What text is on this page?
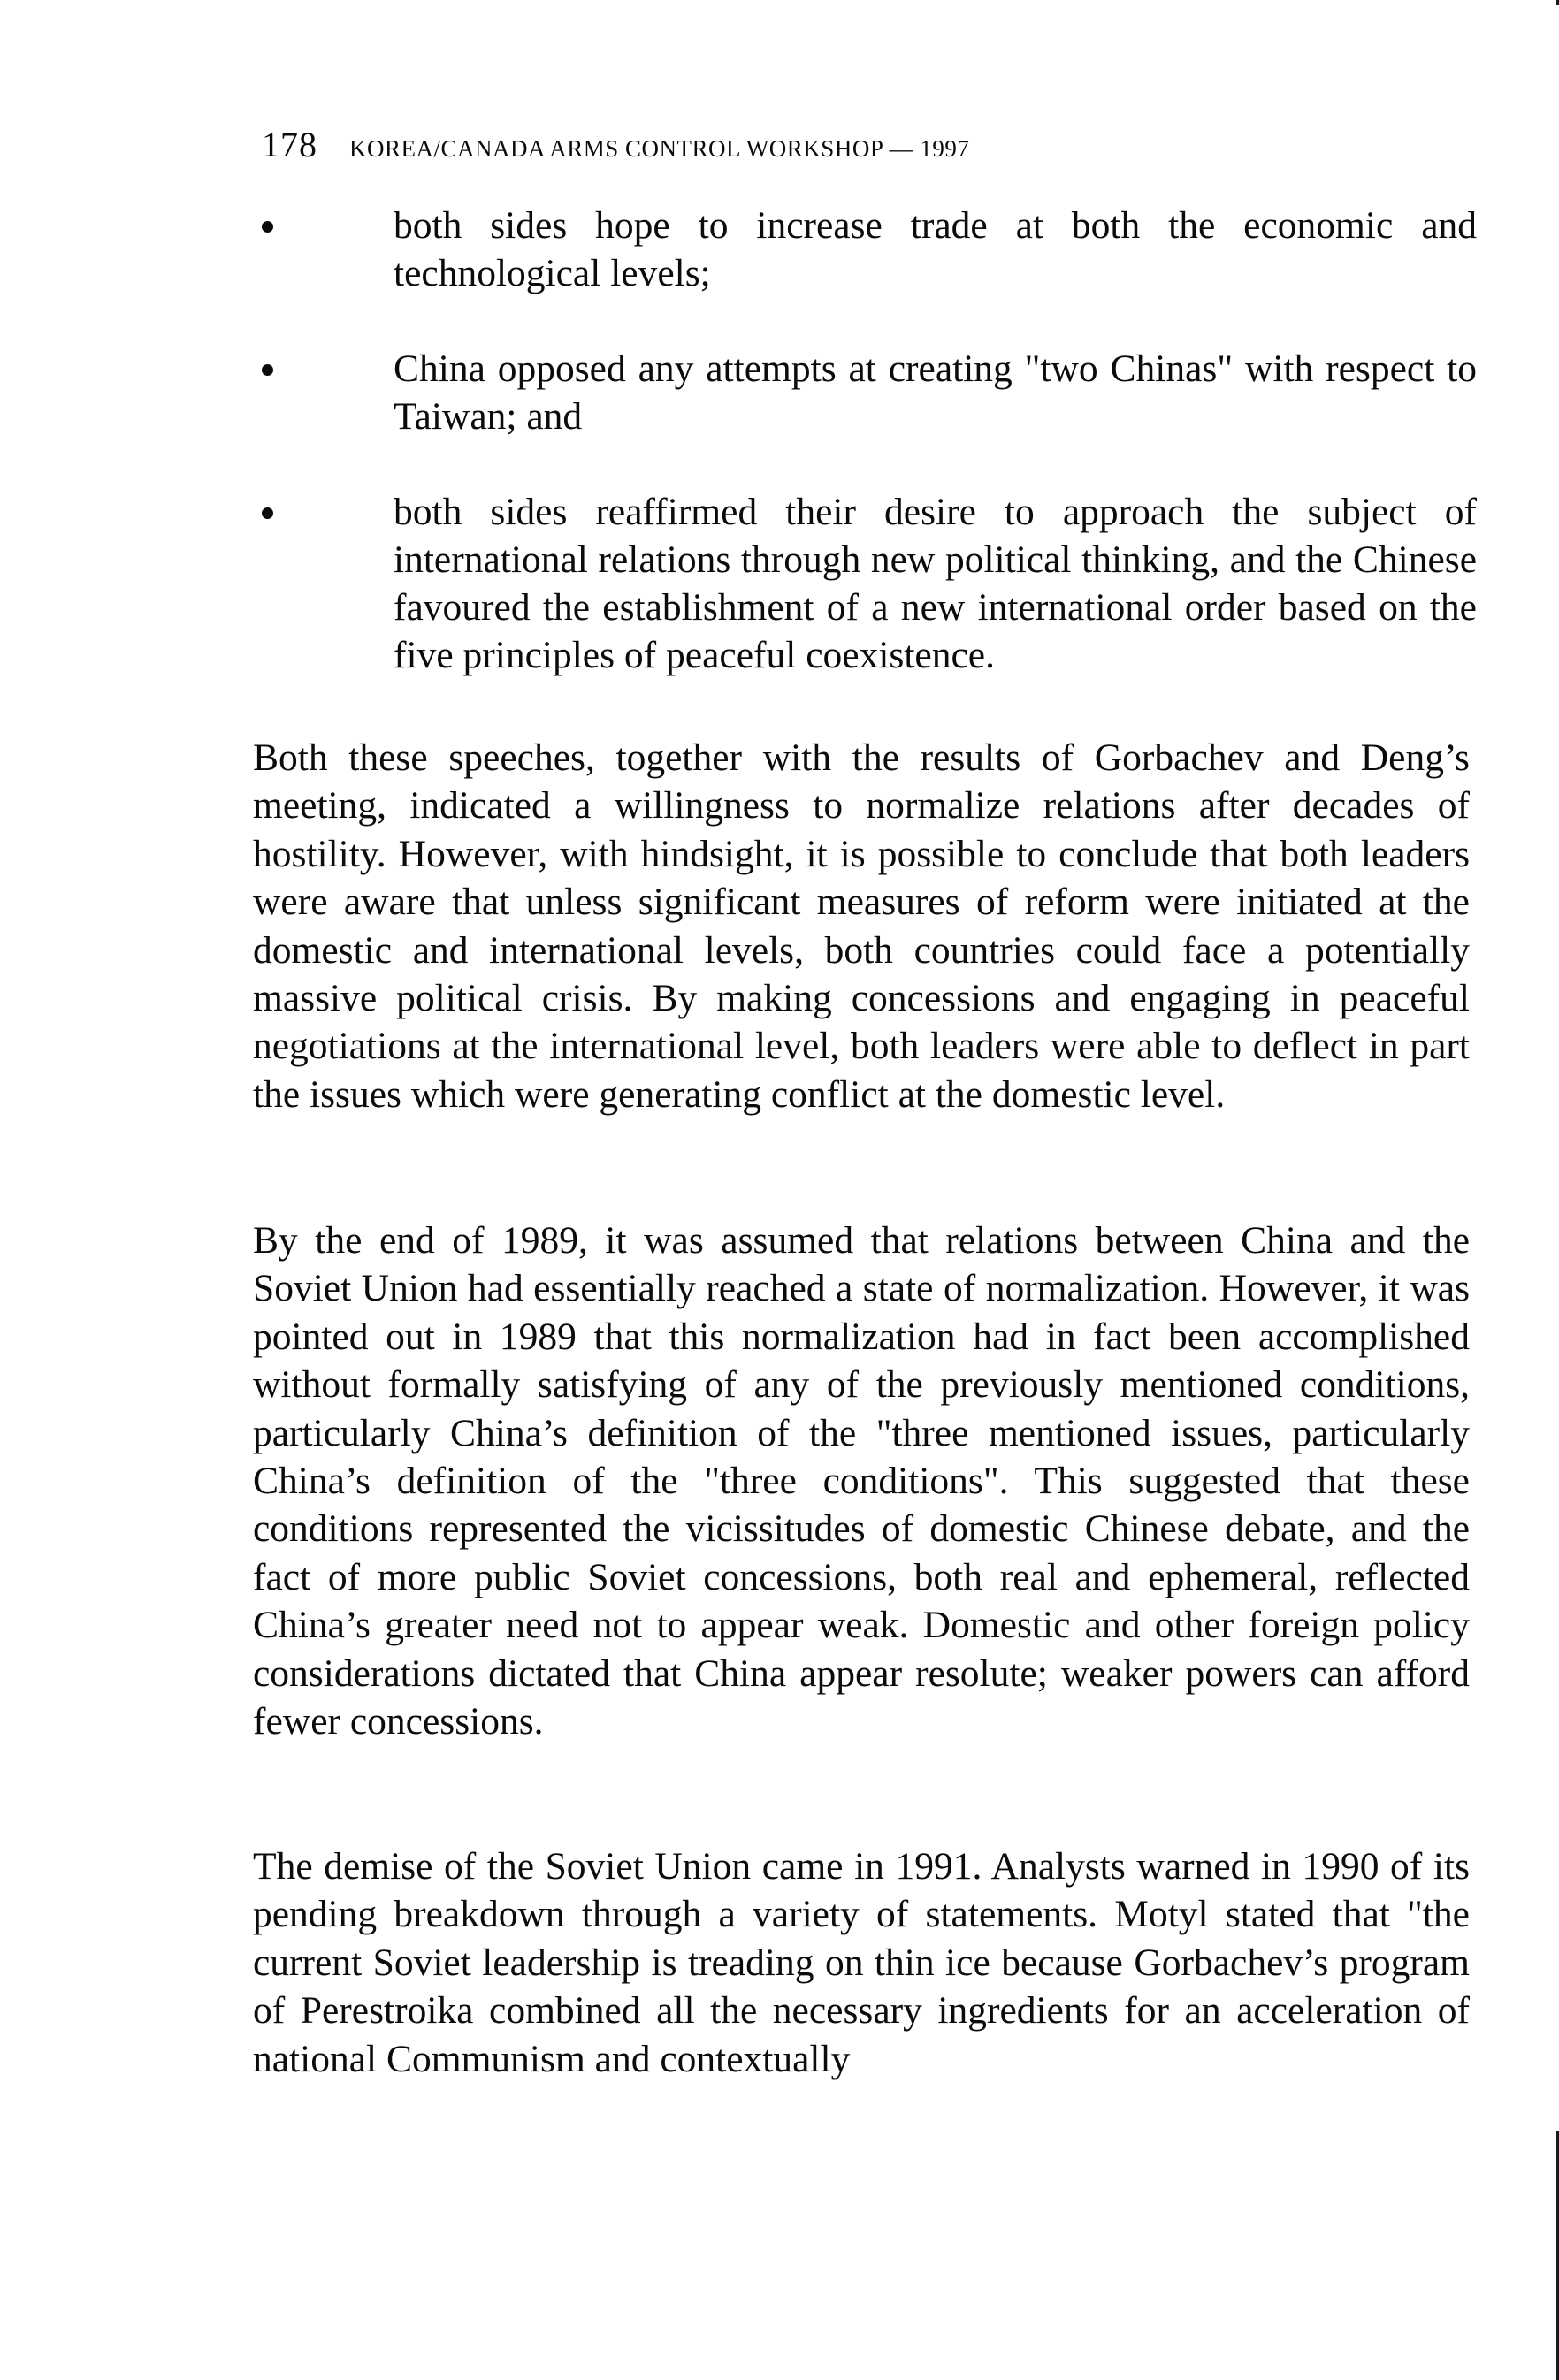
178 KOREA/CANADA ARMS CONTROL WORKSHOP — 1997
both sides hope to increase trade at both the economic and technological levels;
China opposed any attempts at creating "two Chinas" with respect to Taiwan; and
both sides reaffirmed their desire to approach the subject of international relations through new political thinking, and the Chinese favoured the establishment of a new international order based on the five principles of peaceful coexistence.

Both these speeches, together with the results of Gorbachev and Deng’s meeting, indicated a willingness to normalize relations after decades of hostility. However, with hindsight, it is possible to conclude that both leaders were aware that unless significant measures of reform were initiated at the domestic and international levels, both countries could face a potentially massive political crisis. By making concessions and engaging in peaceful negotiations at the international level, both leaders were able to deflect in part the issues which were generating conflict at the domestic level.

By the end of 1989, it was assumed that relations between China and the Soviet Union had essentially reached a state of normalization. However, it was pointed out in 1989 that this normalization had in fact been accomplished without formally satisfying of any of the previously mentioned conditions, particularly China’s definition of the "three mentioned issues, particularly China’s definition of the "three conditions". This suggested that these conditions represented the vicissitudes of domestic Chinese debate, and the fact of more public Soviet concessions, both real and ephemeral, reflected China’s greater need not to appear weak. Domestic and other foreign policy considerations dictated that China appear resolute; weaker powers can afford fewer concessions.

The demise of the Soviet Union came in 1991. Analysts warned in 1990 of its pending breakdown through a variety of statements. Motyl stated that "the current Soviet leadership is treading on thin ice because Gorbachev’s program of Perestroika combined all the necessary ingredients for an acceleration of national Communism and contextually
